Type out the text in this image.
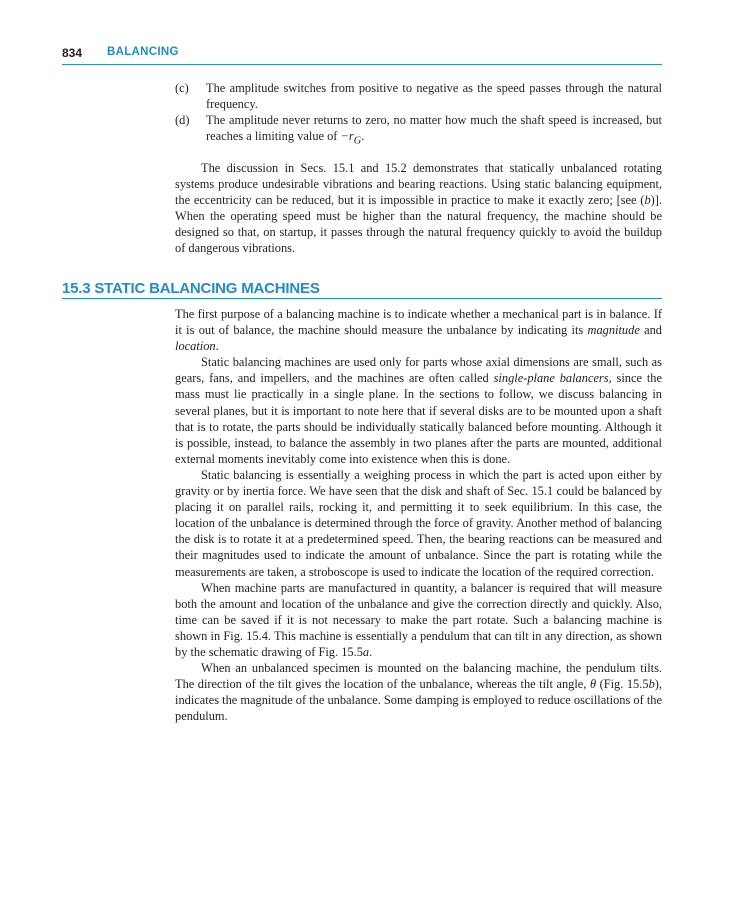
834 BALANCING
(c) The amplitude switches from positive to negative as the speed passes through the natural frequency.
(d) The amplitude never returns to zero, no matter how much the shaft speed is increased, but reaches a limiting value of $-r_G$.

The discussion in Secs. 15.1 and 15.2 demonstrates that statically unbalanced rotating systems produce undesirable vibrations and bearing reactions. Using static balancing equipment, the eccentricity can be reduced, but it is impossible in practice to make it exactly zero; [see (b)]. When the operating speed must be higher than the natural frequency, the machine should be designed so that, on startup, it passes through the natural frequency quickly to avoid the buildup of dangerous vibrations.

15.3 STATIC BALANCING MACHINES

The first purpose of a balancing machine is to indicate whether a mechanical part is in balance. If it is out of balance, the machine should measure the unbalance by indicating its magnitude and location.

Static balancing machines are used only for parts whose axial dimensions are small, such as gears, fans, and impellers, and the machines are often called single-plane balancers, since the mass must lie practically in a single plane. In the sections to follow, we discuss balancing in several planes, but it is important to note here that if several disks are to be mounted upon a shaft that is to rotate, the parts should be individually statically balanced before mounting. Although it is possible, instead, to balance the assembly in two planes after the parts are mounted, additional external moments inevitably come into existence when this is done.

Static balancing is essentially a weighing process in which the part is acted upon either by gravity or by inertia force. We have seen that the disk and shaft of Sec. 15.1 could be balanced by placing it on parallel rails, rocking it, and permitting it to seek equilibrium. In this case, the location of the unbalance is determined through the force of gravity. Another method of balancing the disk is to rotate it at a predetermined speed. Then, the bearing reactions can be measured and their magnitudes used to indicate the amount of unbalance. Since the part is rotating while the measurements are taken, a stroboscope is used to indicate the location of the required correction.

When machine parts are manufactured in quantity, a balancer is required that will measure both the amount and location of the unbalance and give the correction directly and quickly. Also, time can be saved if it is not necessary to make the part rotate. Such a balancing machine is shown in Fig. 15.4. This machine is essentially a pendulum that can tilt in any direction, as shown by the schematic drawing of Fig. 15.5a.

When an unbalanced specimen is mounted on the balancing machine, the pendulum tilts. The direction of the tilt gives the location of the unbalance, whereas the tilt angle, θ (Fig. 15.5b), indicates the magnitude of the unbalance. Some damping is employed to reduce oscillations of the pendulum.
